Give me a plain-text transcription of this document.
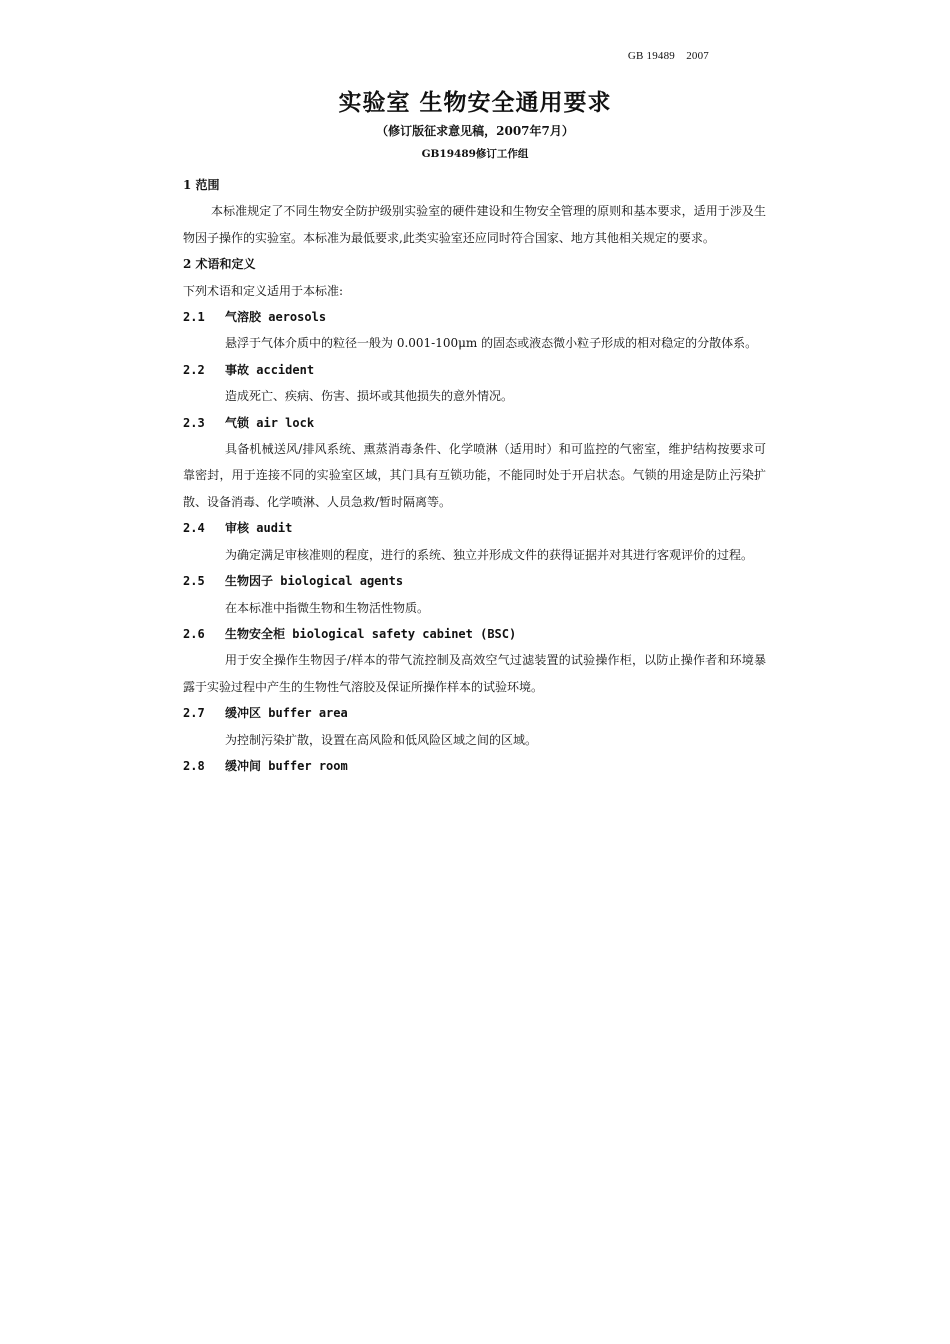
GB 19489　2007
实验室 生物安全通用要求
（修订版征求意见稿，2007年7月）
GB19489修订工作组

1 范围

本标准规定了不同生物安全防护级别实验室的硬件建设和生物安全管理的原则和基本要求，适用于涉及生物因子操作的实验室。本标准为最低要求,此类实验室还应同时符合国家、地方其他相关规定的要求。

2 术语和定义

下列术语和定义适用于本标准:

2.1 气溶胶 aerosols

悬浮于气体介质中的粒径一般为 0.001-100μm 的固态或液态微小粒子形成的相对稳定的分散体系。

2.2 事故 accident

造成死亡、疾病、伤害、损坏或其他损失的意外情况。

2.3 气锁 air lock

具备机械送风/排风系统、熏蒸消毒条件、化学喷淋（适用时）和可监控的气密室，维护结构按要求可靠密封，用于连接不同的实验室区域，其门具有互锁功能，不能同时处于开启状态。气锁的用途是防止污染扩散、设备消毒、化学喷淋、人员急救/暂时隔离等。

2.4 审核 audit

为确定满足审核准则的程度，进行的系统、独立并形成文件的获得证据并对其进行客观评价的过程。

2.5 生物因子 biological agents

在本标准中指微生物和生物活性物质。

2.6 生物安全柜 biological safety cabinet (BSC)

用于安全操作生物因子/样本的带气流控制及高效空气过滤装置的试验操作柜，以防止操作者和环境暴露于实验过程中产生的生物性气溶胶及保证所操作样本的试验环境。

2.7 缓冲区 buffer area

为控制污染扩散，设置在高风险和低风险区域之间的区域。

2.8 缓冲间 buffer room
